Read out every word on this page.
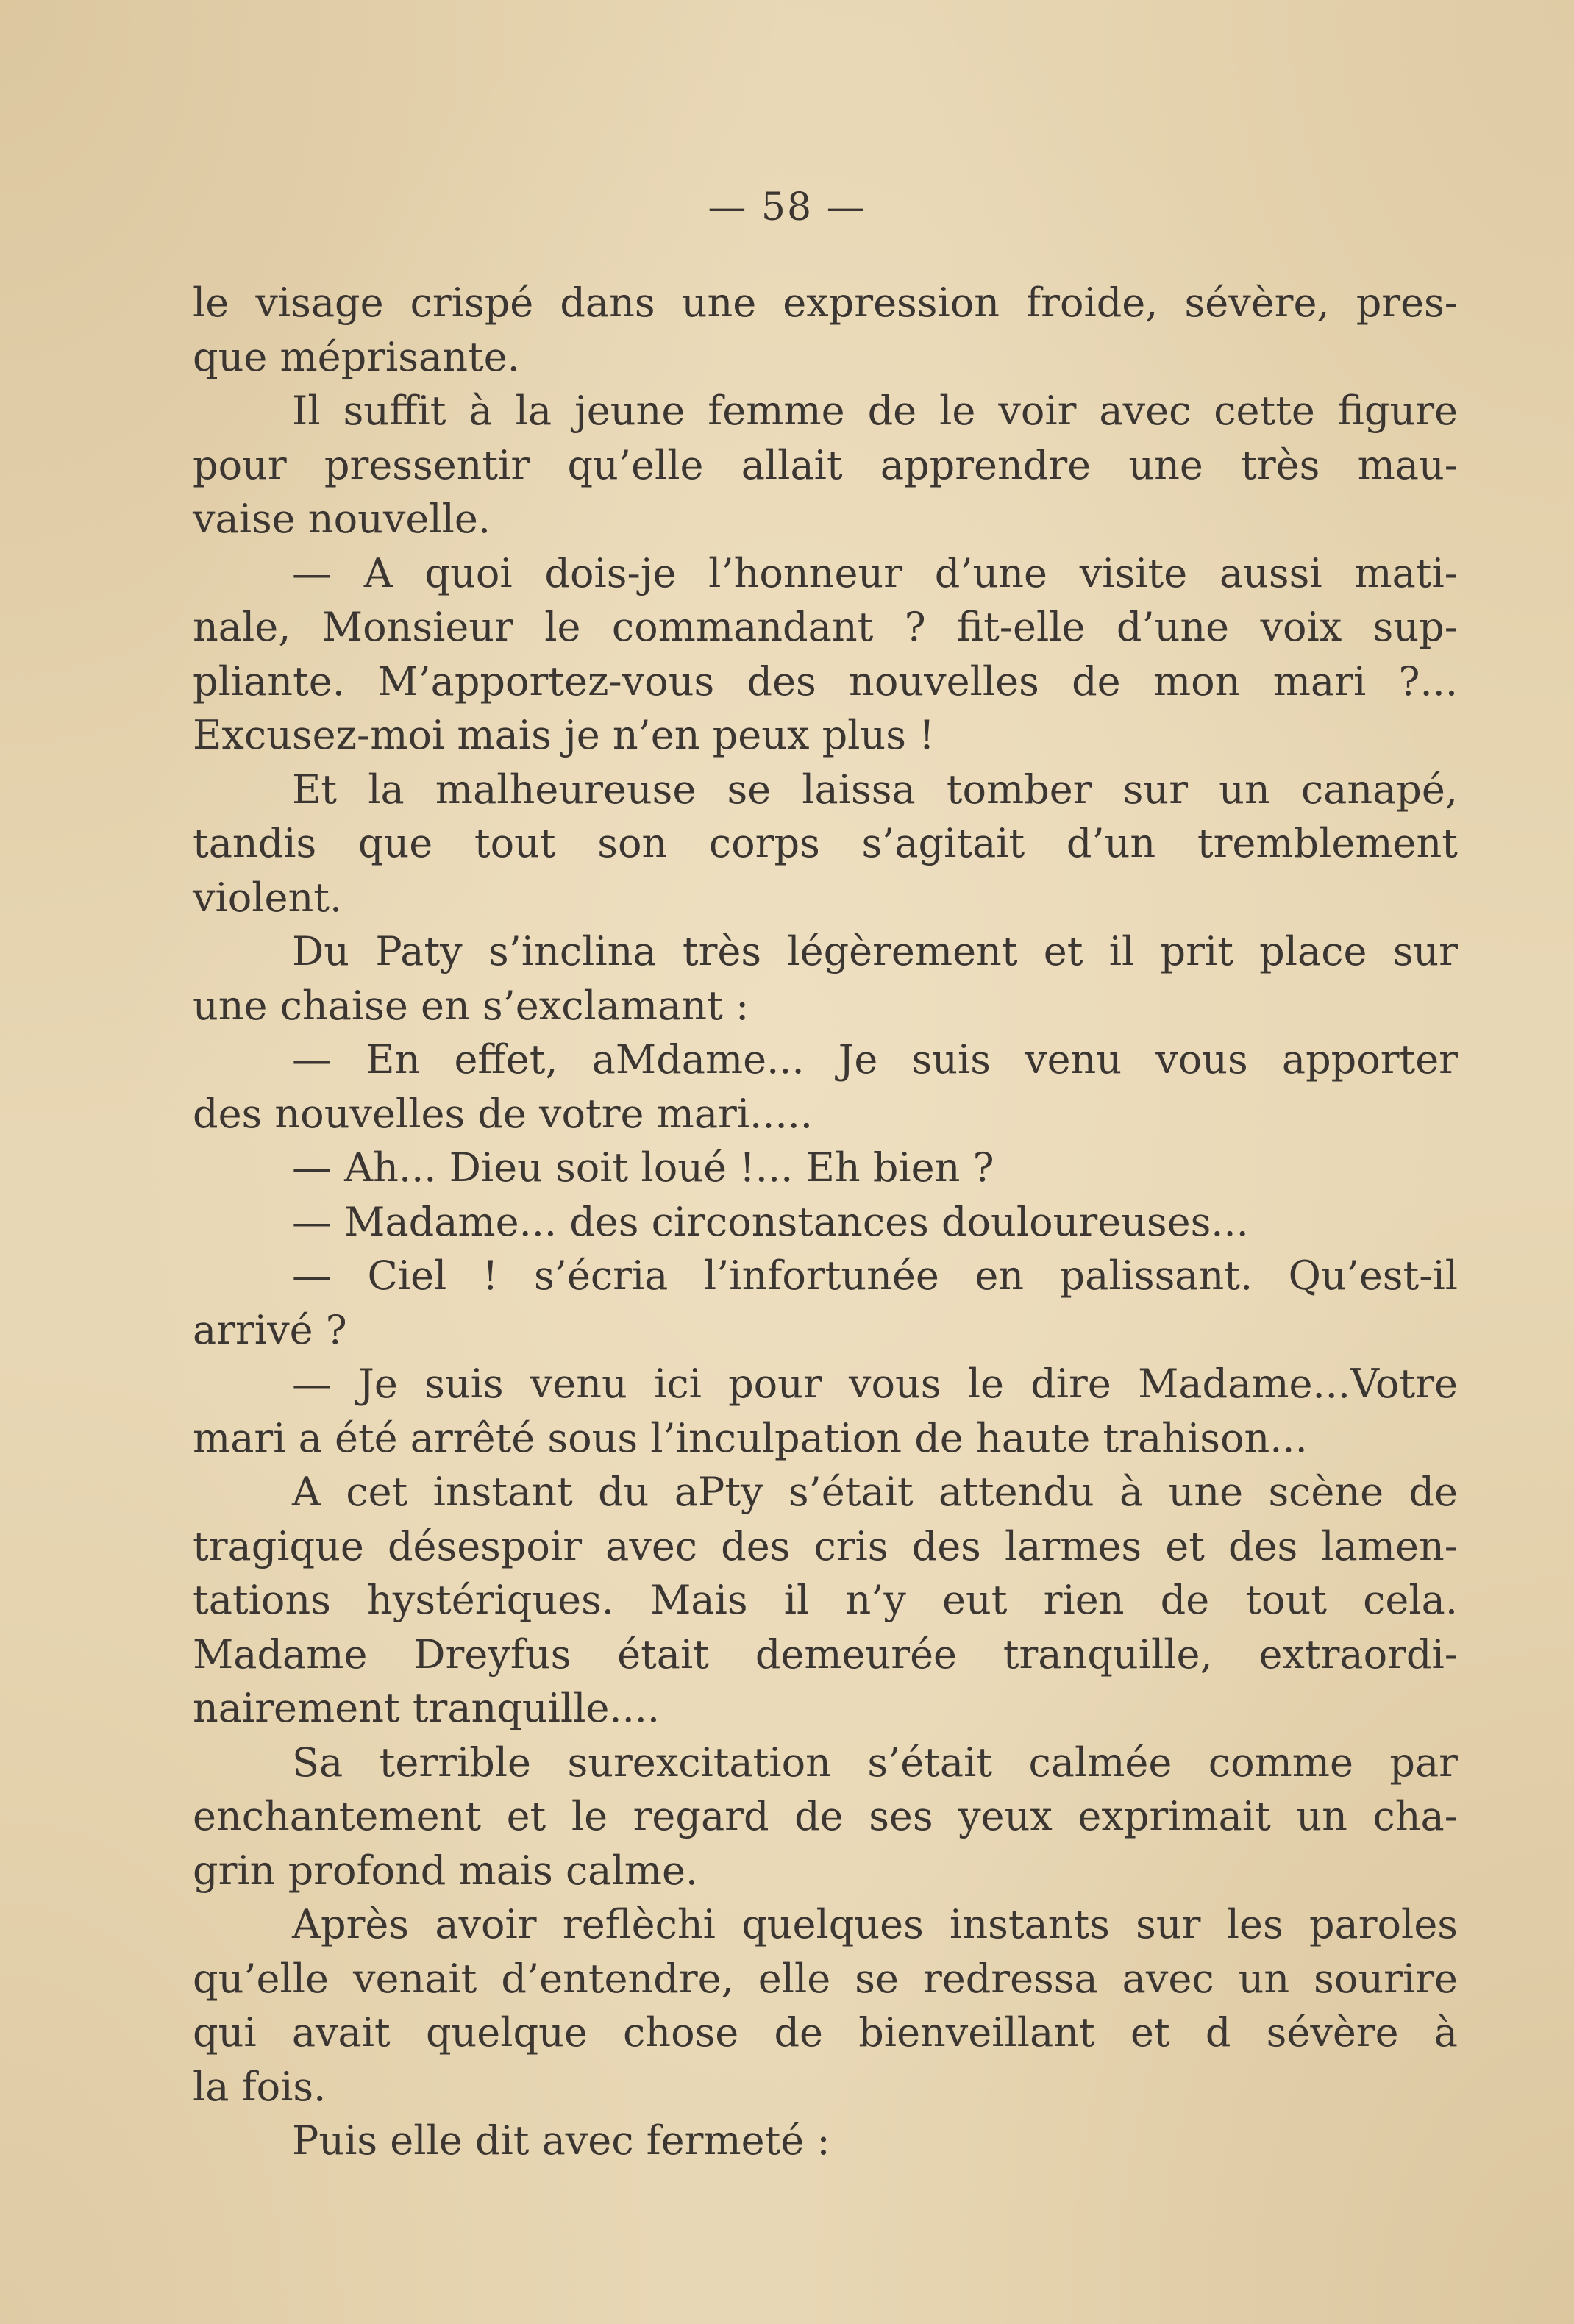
— 58 —
le visage crispé dans une expression froide, sévère, pres-
que méprisante.
Il suffit à la jeune femme de le voir avec cette figure
pour pressentir qu’elle allait apprendre une très mau-
vaise nouvelle.
— A quoi dois-je l’honneur d’une visite aussi mati-
nale, Monsieur le commandant ? fit-elle d’une voix sup-
pliante. M’apportez-vous des nouvelles de mon mari ?...
Excusez-moi mais je n’en peux plus !
Et la malheureuse se laissa tomber sur un canapé,
tandis que tout son corps s’agitait d’un tremblement
violent.
Du Paty s’inclina très légèrement et il prit place sur
une chaise en s’exclamant :
— En effet, aMdame... Je suis venu vous apporter
des nouvelles de votre mari.....
— Ah... Dieu soit loué !... Eh bien ?
— Madame... des circonstances douloureuses...
— Ciel ! s’écria l’infortunée en palissant. Qu’est-il
arrivé ?
— Je suis venu ici pour vous le dire Madame...Votre
mari a été arrêté sous l’inculpation de haute trahison...
A cet instant du aPty s’était attendu à une scène de
tragique désespoir avec des cris des larmes et des lamen-
tations hystériques. Mais il n’y eut rien de tout cela.
Madame Dreyfus était demeurée tranquille, extraordi-
nairement tranquille....
Sa terrible surexcitation s’était calmée comme par
enchantement et le regard de ses yeux exprimait un cha-
grin profond mais calme.
Après avoir reflèchi quelques instants sur les paroles
qu’elle venait d’entendre, elle se redressa avec un sourire
qui avait quelque chose de bienveillant et d sévère à
la fois.
Puis elle dit avec fermeté :
